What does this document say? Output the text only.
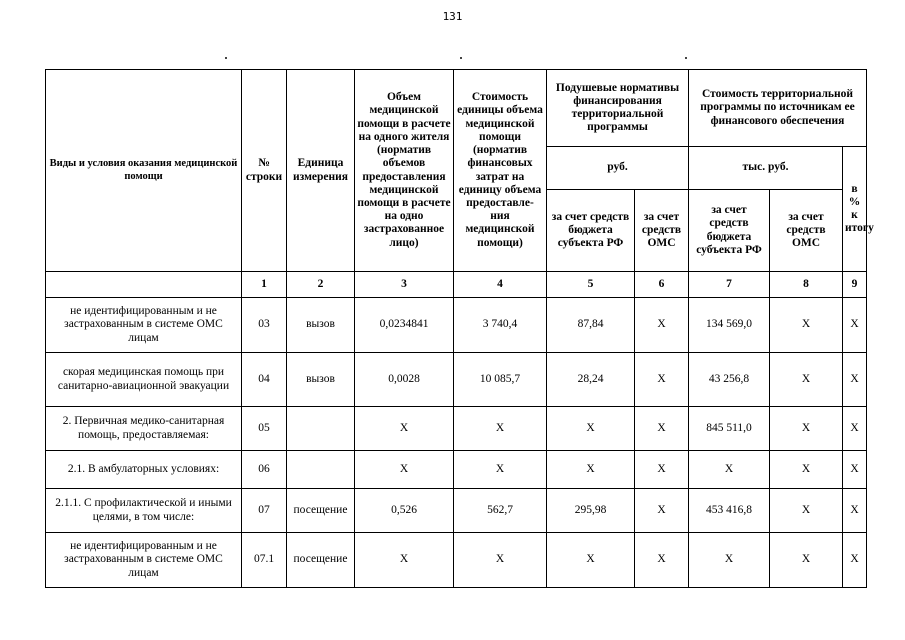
131
Виды и условия оказания медицинской помощи	№ строки	Единица измерения	Объем медицинской помощи в расчете на одного жителя (норматив объемов предоставления медицинской помощи в расчете на одно застрахованное лицо)	Стоимость единицы объема медицинской помощи (норматив финансовых затрат на единицу объема предоставле- ния медицинской помощи)	Подушевые нормативы финансирования территориальной программы		Стоимость территориальной программы по источникам ее финансового обеспечения		
					руб.		тыс. руб.		в % к итогу
					за счет средств бюджета субъекта РФ	за счет средств ОМС	за счет средств бюджета субъекта РФ	за счет средств ОМС	
	1	2	3	4	5	6	7	8	9
не идентифицированным и не застрахованным в системе ОМС лицам	03	вызов	0,0234841	3 740,4	87,84	Х	134 569,0	Х	Х
скорая медицинская помощь при санитарно-авиационной эвакуации	04	вызов	0,0028	10 085,7	28,24	Х	43 256,8	Х	Х
2. Первичная медико-санитарная помощь, предоставляемая:	05		Х	Х	Х	Х	845 511,0	Х	Х
2.1. В амбулаторных условиях:	06		Х	Х	Х	Х	Х	Х	Х
2.1.1. С профилактической и иными целями, в том числе:	07	посещение	0,526	562,7	295,98	Х	453 416,8	Х	Х
не идентифицированным и не застрахованным в системе ОМС лицам	07.1	посещение	Х	Х	Х	Х	Х	Х	Х
